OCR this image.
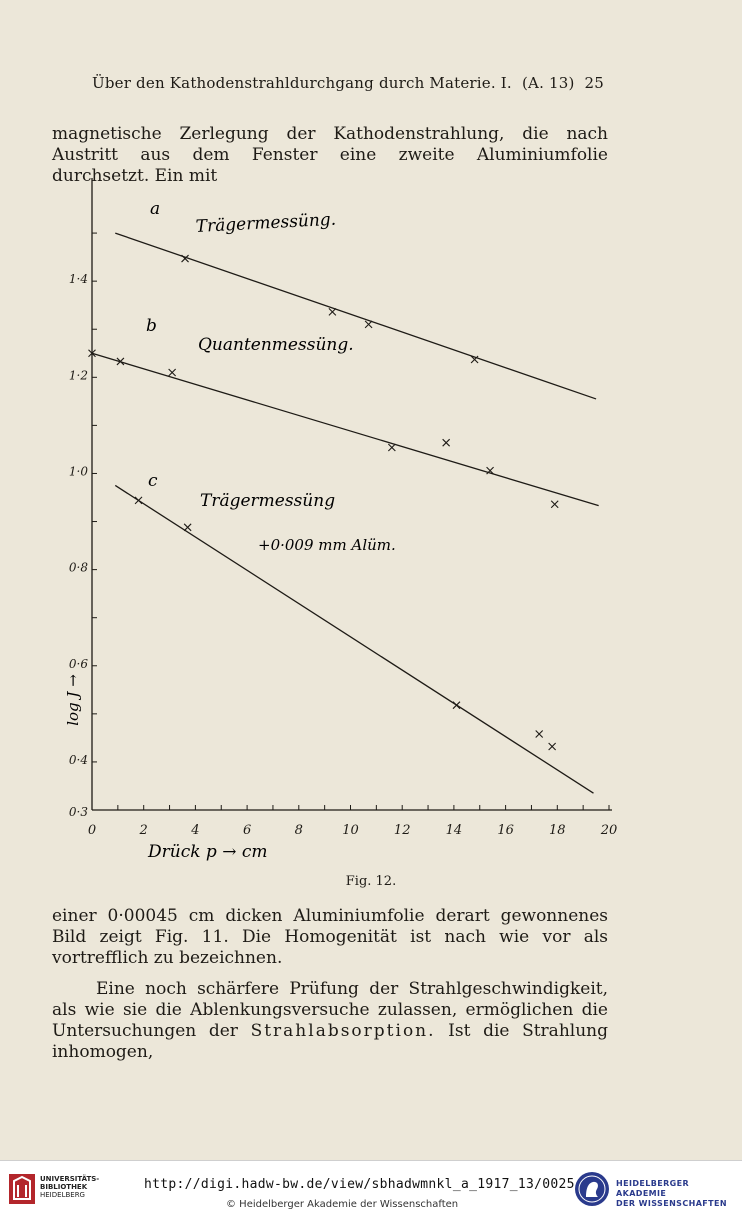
Über den Kathodenstrahldurchgang durch Materie. I. (A. 13) 25
magnetische Zerlegung der Kathodenstrahlung, die nach Austritt aus dem Fenster eine zweite Aluminiumfolie durchsetzt. Ein mit
1·4
1·2
1·0
0·8
0·6
0·4
0·3
0	2	4	6	8	10	12	14	16	18	20
a
Trägermessüng.
b
Quantenmessüng.
c
Trägermessüng
+0·009 mm Alüm.
log J →
Drück p → cm
Fig. 12.
einer 0·00045 cm dicken Aluminiumfolie derart gewonnenes Bild zeigt Fig. 11. Die Homogenität ist nach wie vor als vortrefflich zu bezeichnen.
Eine noch schärfere Prüfung der Strahlgeschwindigkeit, als wie sie die Ablenkungsversuche zulassen, ermöglichen die Untersuchungen der Strahlabsorption. Ist die Strahlung inhomogen,
UNIVERSITÄTS-
BIBLIOTHEK
HEIDELBERG
http://digi.hadw-bw.de/view/sbhadwmnkl_a_1917_13/0025
© Heidelberger Akademie der Wissenschaften
HEIDELBERGER AKADEMIE
DER WISSENSCHAFTEN
